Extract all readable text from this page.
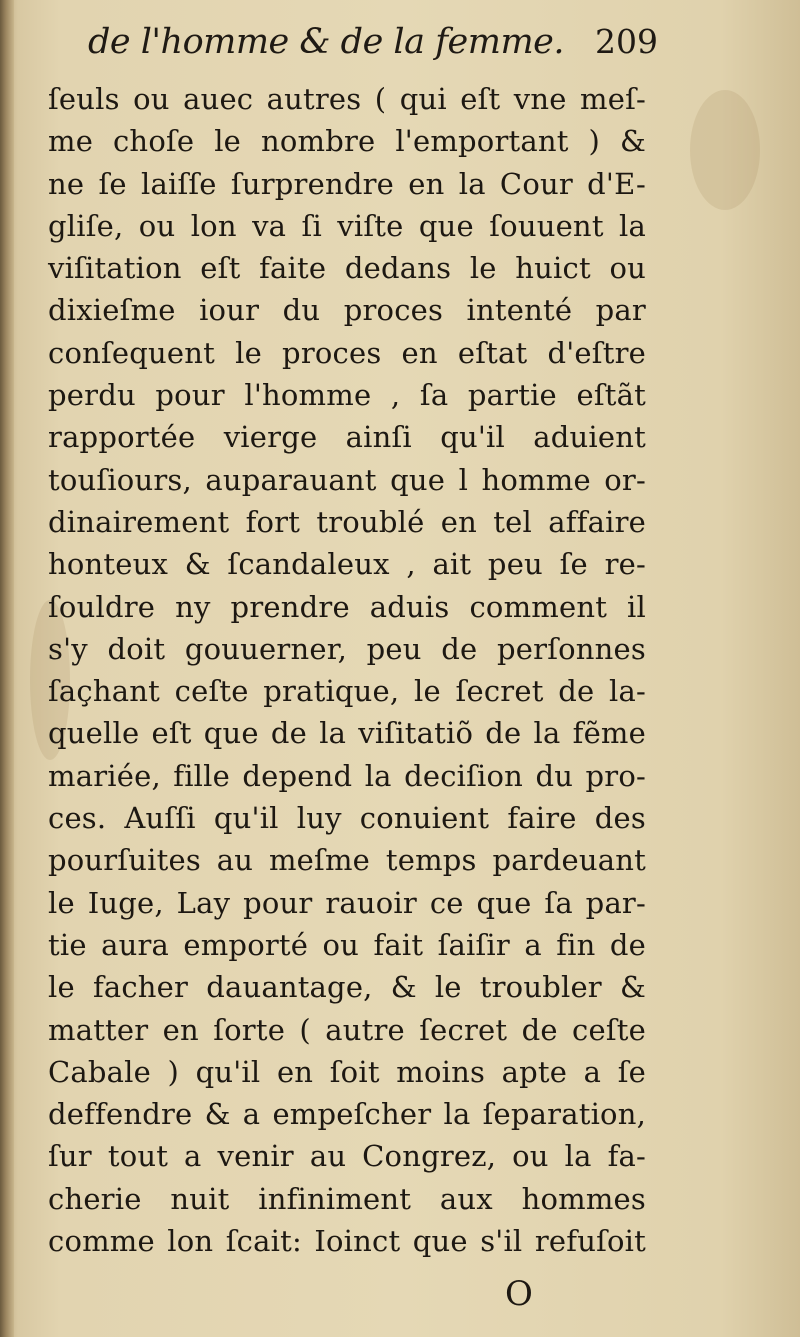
de l'homme & de la femme. 209
ſeuls ou auec autres ( qui eſt vne meſ-
me choſe le nombre l'emportant ) &
ne ſe laiſſe ſurprendre en la Cour d'E-
gliſe, ou lon va ſi viſte que ſouuent la
viſitation eſt faite dedans le huict ou
dixieſme iour du proces intenté par
conſequent le proces en eſtat d'eſtre
perdu pour l'homme , ſa partie eſtãt
rapportée vierge ainſi qu'il aduient
touſiours, auparauant que l homme or-
dinairement fort troublé en tel affaire
honteux & ſcandaleux , ait peu ſe re-
ſouldre ny prendre aduis comment il
s'y doit gouuerner, peu de perſonnes
ſaçhant ceſte pratique, le ſecret de la-
quelle eſt que de la viſitatiõ de la fẽme
mariée, fille depend la deciſion du pro-
ces. Auſſi qu'il luy conuient faire des
pourſuites au meſme temps pardeuant
le Iuge, Lay pour rauoir ce que ſa par-
tie aura emporté ou fait ſaiſir a fin de
le facher dauantage, & le troubler &
matter en ſorte ( autre ſecret de ceſte
Cabale ) qu'il en ſoit moins apte a ſe
deffendre & a empeſcher la ſeparation,
ſur tout a venir au Congrez, ou la fa-
cherie nuit infiniment aux hommes
comme lon ſcait: Ioinct que s'il refuſoit
O
